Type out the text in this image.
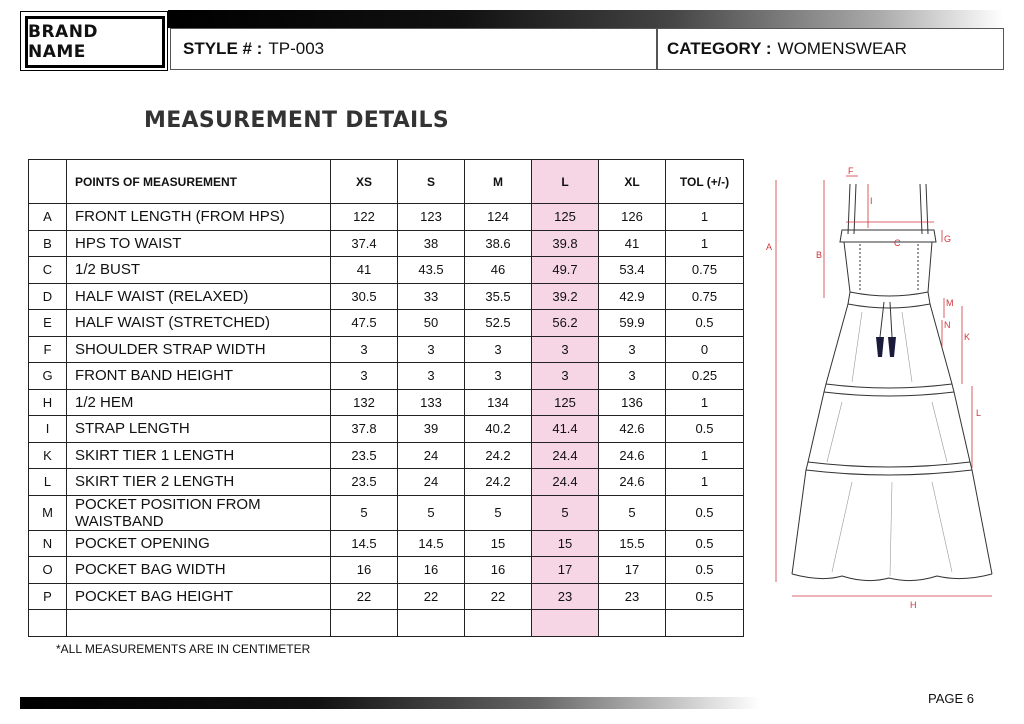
BRAND NAME	STYLE # : TP-003	CATEGORY : WOMENSWEAR
MEASUREMENT DETAILS
	POINTS OF MEASUREMENT	XS	S	M	L	XL	TOL (+/-)
A	FRONT LENGTH (FROM HPS)	122	123	124	125	126	1
B	HPS TO WAIST	37.4	38	38.6	39.8	41	1
C	1/2 BUST	41	43.5	46	49.7	53.4	0.75
D	HALF WAIST (RELAXED)	30.5	33	35.5	39.2	42.9	0.75
E	HALF WAIST (STRETCHED)	47.5	50	52.5	56.2	59.9	0.5
F	SHOULDER STRAP WIDTH	3	3	3	3	3	0
G	FRONT BAND HEIGHT	3	3	3	3	3	0.25
H	1/2 HEM	132	133	134	125	136	1
I	STRAP LENGTH	37.8	39	40.2	41.4	42.6	0.5
K	SKIRT TIER 1 LENGTH	23.5	24	24.2	24.4	24.6	1
L	SKIRT TIER 2 LENGTH	23.5	24	24.2	24.4	24.6	1
M	POCKET POSITION FROM WAISTBAND	5	5	5	5	5	0.5
N	POCKET OPENING	14.5	14.5	15	15	15.5	0.5
O	POCKET BAG WIDTH	16	16	16	17	17	0.5
P	POCKET BAG HEIGHT	22	22	22	23	23	0.5

A
B
C
F
I
G
M
N
K
L
H
*ALL MEASUREMENTS ARE IN CENTIMETER
PAGE 6
